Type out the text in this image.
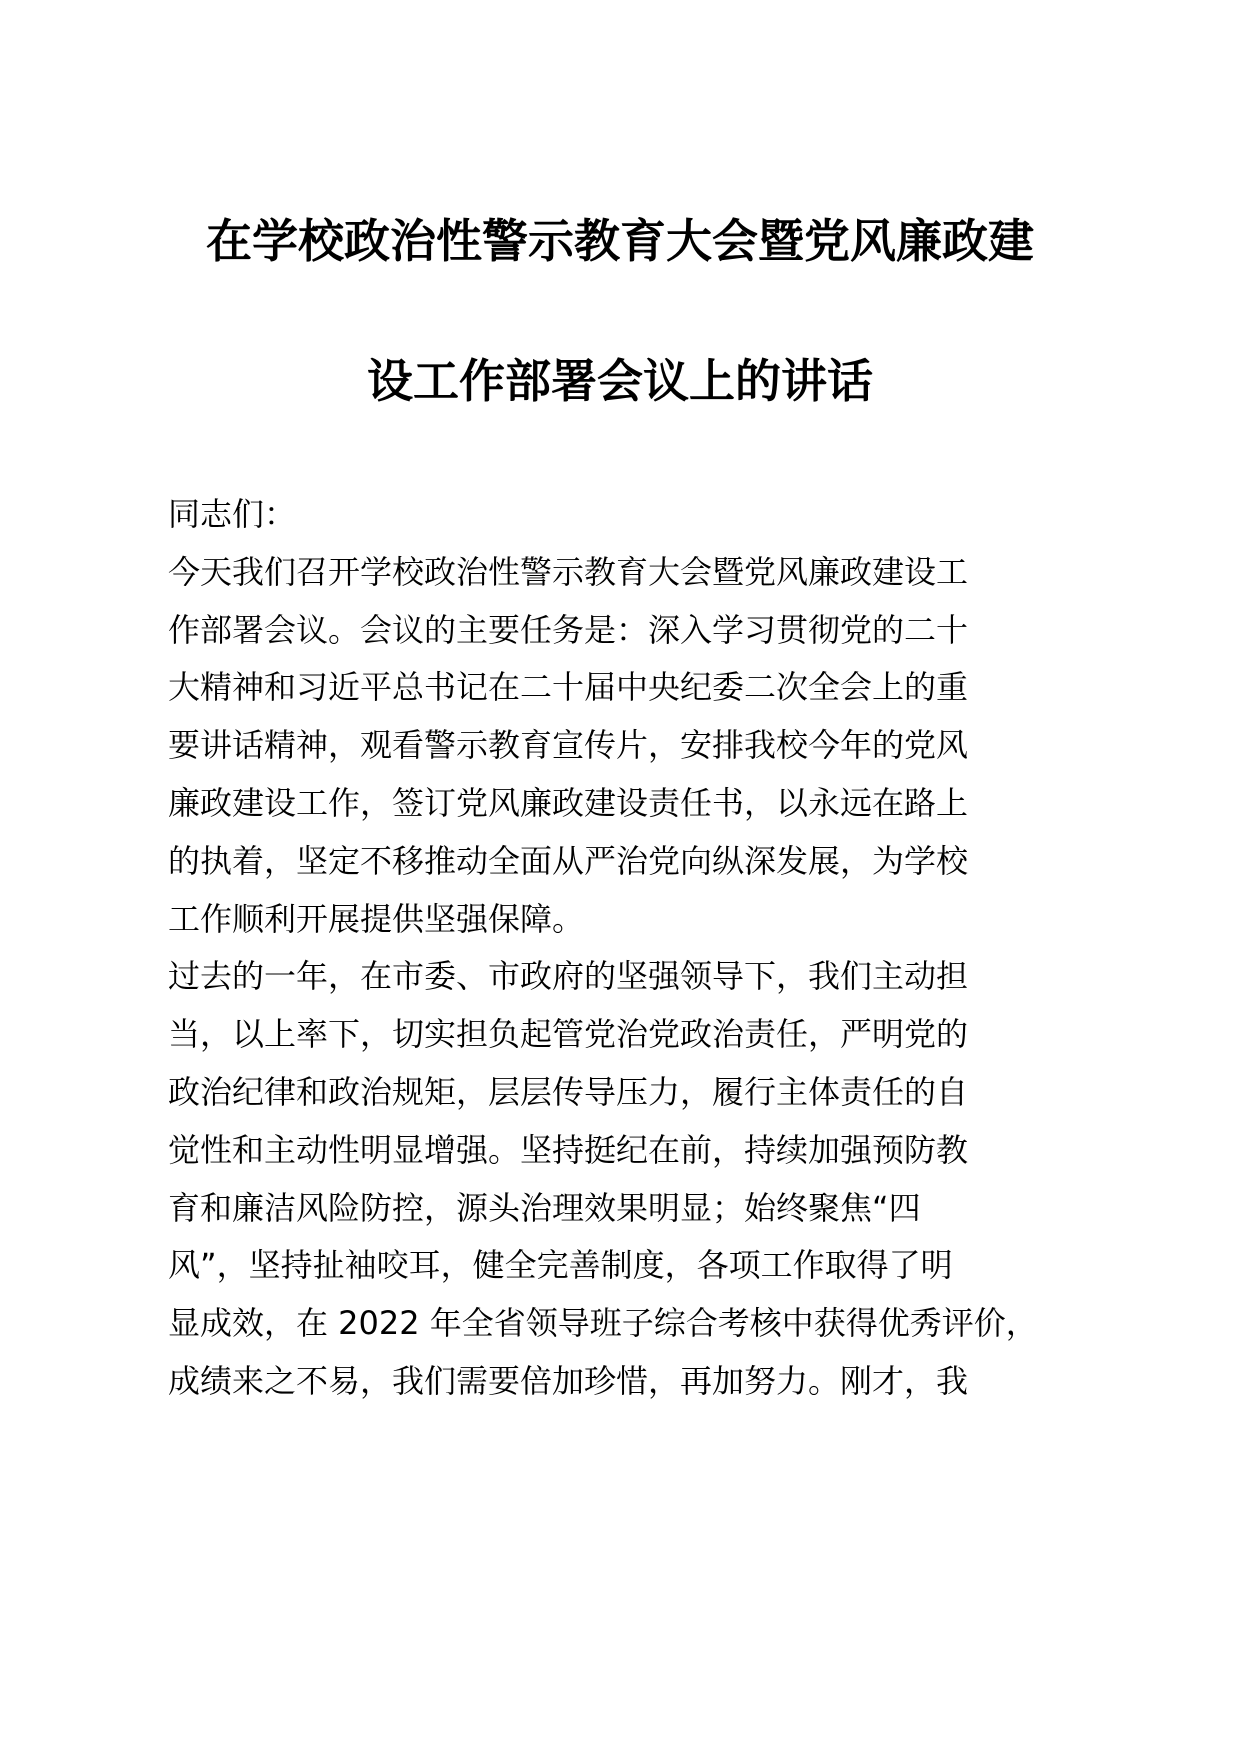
在学校政治性警示教育大会暨党风廉政建
设工作部署会议上的讲话
同志们：
今天我们召开学校政治性警示教育大会暨党风廉政建设工
作部署会议。会议的主要任务是：深入学习贯彻党的二十
大精神和习近平总书记在二十届中央纪委二次全会上的重
要讲话精神，观看警示教育宣传片，安排我校今年的党风
廉政建设工作，签订党风廉政建设责任书，以永远在路上
的执着，坚定不移推动全面从严治党向纵深发展，为学校
工作顺利开展提供坚强保障。
过去的一年，在市委、市政府的坚强领导下，我们主动担
当，以上率下，切实担负起管党治党政治责任，严明党的
政治纪律和政治规矩，层层传导压力，履行主体责任的自
觉性和主动性明显增强。坚持挺纪在前，持续加强预防教
育和廉洁风险防控，源头治理效果明显；始终聚焦“四
风”，坚持扯袖咬耳，健全完善制度，各项工作取得了明
显成效，在 2022 年全省领导班子综合考核中获得优秀评价，
成绩来之不易，我们需要倍加珍惜，再加努力。刚才，我
